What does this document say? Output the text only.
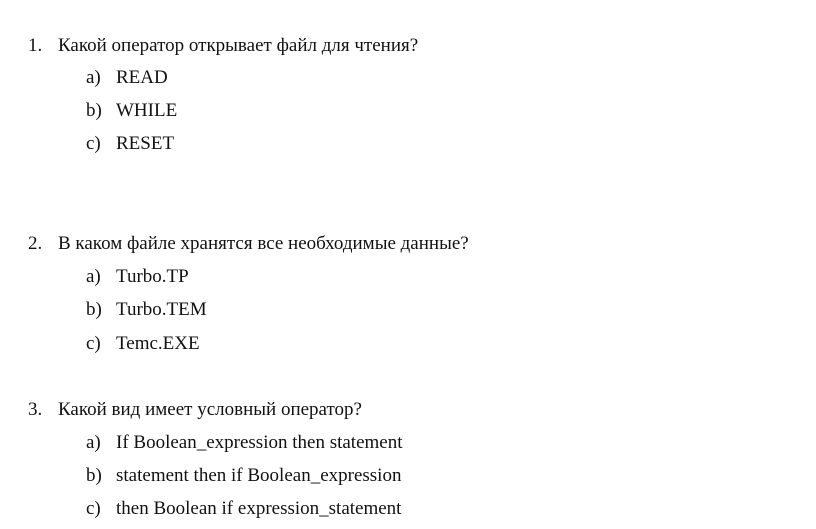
1. Какой оператор открывает файл для чтения?
a) READ
b) WHILE
c) RESET
2. В каком файле хранятся все необходимые данные?
a) Turbo.TP
b) Turbo.TEM
c) Temc.EXE
3. Какой вид имеет условный оператор?
a) If Boolean_expression then statement
b) statement then if Boolean_expression
c) then Boolean if expression_statement
